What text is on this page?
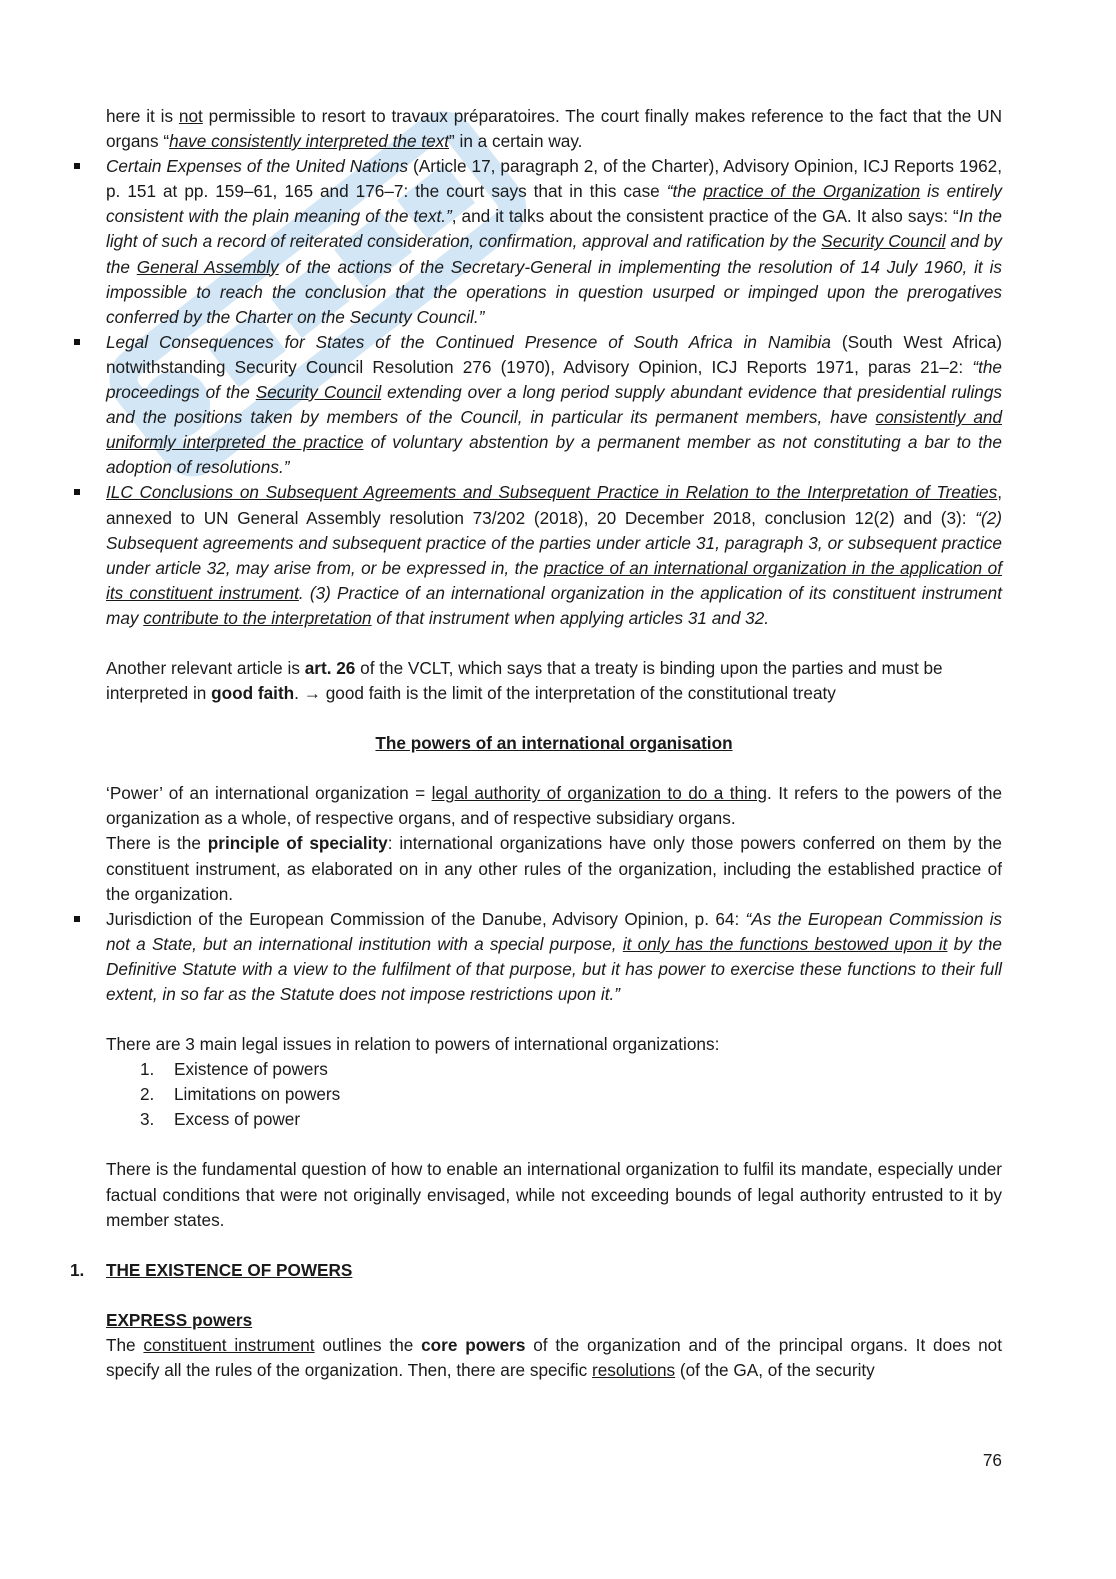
here it is not permissible to resort to travaux préparatoires. The court finally makes reference to the fact that the UN organs “have consistently interpreted the text” in a certain way.

Certain Expenses of the United Nations (Article 17, paragraph 2, of the Charter), Advisory Opinion, ICJ Reports 1962, p. 151 at pp. 159–61, 165 and 176–7: the court says that in this case “the practice of the Organization is entirely consistent with the plain meaning of the text.”, and it talks about the consistent practice of the GA. It also says: “In the light of such a record of reiterated consideration, confirmation, approval and ratification by the Security Council and by the General Assembly of the actions of the Secretary-General in implementing the resolution of 14 July 1960, it is impossible to reach the conclusion that the operations in question usurped or impinged upon the prerogatives conferred by the Charter on the Secunty Council.”
Legal Consequences for States of the Continued Presence of South Africa in Namibia (South West Africa) notwithstanding Security Council Resolution 276 (1970), Advisory Opinion, ICJ Reports 1971, paras 21–2: “the proceedings of the Security Council extending over a long period supply abundant evidence that presidential rulings and the positions taken by members of the Council, in particular its permanent members, have consistently and uniformly interpreted the practice of voluntary abstention by a permanent member as not constituting a bar to the adoption of resolutions.”
ILC Conclusions on Subsequent Agreements and Subsequent Practice in Relation to the Interpretation of Treaties, annexed to UN General Assembly resolution 73/202 (2018), 20 December 2018, conclusion 12(2) and (3): “(2) Subsequent agreements and subsequent practice of the parties under article 31, paragraph 3, or subsequent practice under article 32, may arise from, or be expressed in, the practice of an international organization in the application of its constituent instrument. (3) Practice of an international organization in the application of its constituent instrument may contribute to the interpretation of that instrument when applying articles 31 and 32.

Another relevant article is art. 26 of the VCLT, which says that a treaty is binding upon the parties and must be interpreted in good faith. → good faith is the limit of the interpretation of the constitutional treaty

The powers of an international organisation

‘Power’ of an international organization = legal authority of organization to do a thing. It refers to the powers of the organization as a whole, of respective organs, and of respective subsidiary organs.

There is the principle of speciality: international organizations have only those powers conferred on them by the constituent instrument, as elaborated on in any other rules of the organization, including the established practice of the organization.

Jurisdiction of the European Commission of the Danube, Advisory Opinion, p. 64: “As the European Commission is not a State, but an international institution with a special purpose, it only has the functions bestowed upon it by the Definitive Statute with a view to the fulfilment of that purpose, but it has power to exercise these functions to their full extent, in so far as the Statute does not impose restrictions upon it.”

There are 3 main legal issues in relation to powers of international organizations:

1. Existence of powers
2. Limitations on powers
3. Excess of power

There is the fundamental question of how to enable an international organization to fulfil its mandate, especially under factual conditions that were not originally envisaged, while not exceeding bounds of legal authority entrusted to it by member states.

1. THE EXISTENCE OF POWERS

EXPRESS powers

The constituent instrument outlines the core powers of the organization and of the principal organs. It does not specify all the rules of the organization. Then, there are specific resolutions (of the GA, of the security

76
